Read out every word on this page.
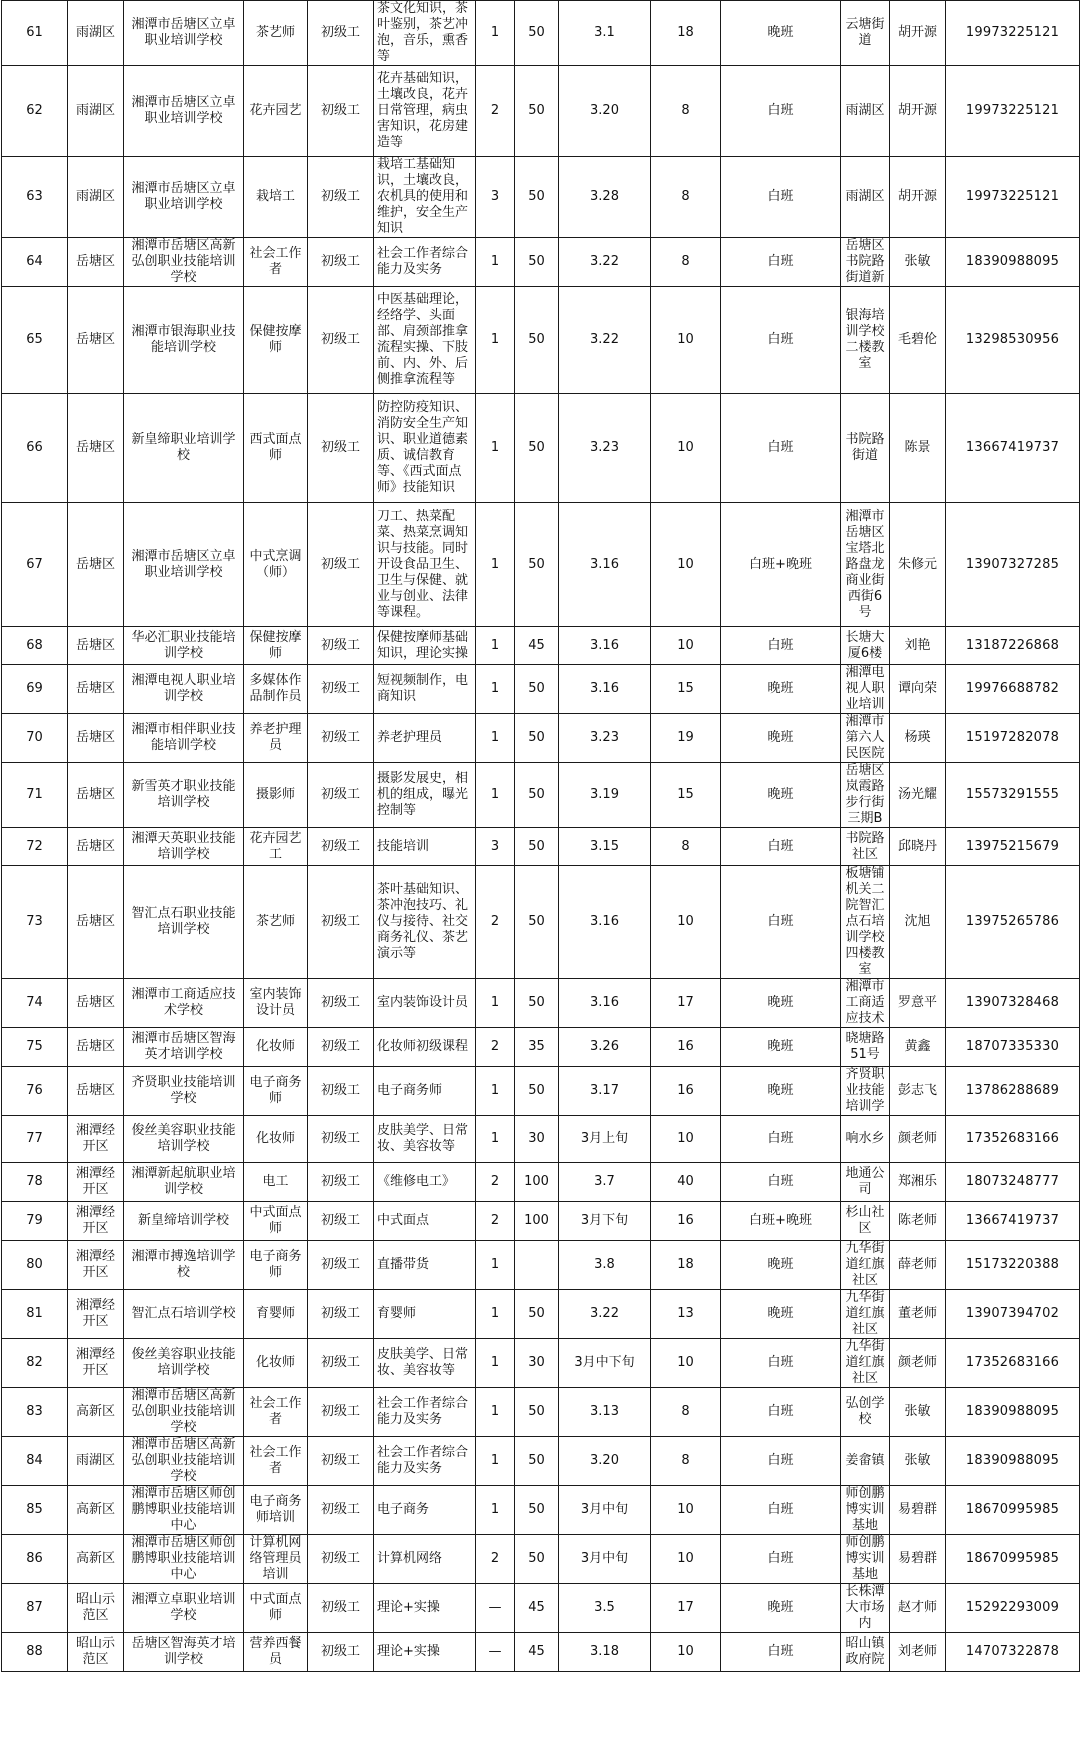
61	雨湖区	湘潭市岳塘区立卓职业培训学校	茶艺师	初级工	茶文化知识，茶叶鉴别，茶艺冲泡，音乐，熏香等	1	50	3.1	18	晚班	云塘街道	胡开源	19973225121
62	雨湖区	湘潭市岳塘区立卓职业培训学校	花卉园艺	初级工	花卉基础知识，土壤改良，花卉日常管理，病虫害知识，花房建造等	2	50	3.20	8	白班	雨湖区	胡开源	19973225121
63	雨湖区	湘潭市岳塘区立卓职业培训学校	栽培工	初级工	栽培工基础知识，土壤改良，农机具的使用和维护，安全生产知识	3	50	3.28	8	白班	雨湖区	胡开源	19973225121
64	岳塘区	湘潭市岳塘区高新弘创职业技能培训学校	社会工作者	初级工	社会工作者综合能力及实务	1	50	3.22	8	白班	岳塘区书院路街道新	张敏	18390988095
65	岳塘区	湘潭市银海职业技能培训学校	保健按摩师	初级工	中医基础理论，经络学、头面部、肩颈部推拿流程实操、下肢前、内、外、后侧推拿流程等	1	50	3.22	10	白班	银海培训学校二楼教室	毛碧伦	13298530956
66	岳塘区	新皇缔职业培训学校	西式面点师	初级工	防控防疫知识、消防安全生产知识、职业道德素质、诚信教育等、《西式面点师》技能知识	1	50	3.23	10	白班	书院路街道	陈景	13667419737
67	岳塘区	湘潭市岳塘区立卓职业培训学校	中式烹调（师）	初级工	刀工、热菜配菜、热菜烹调知识与技能。同时开设食品卫生、卫生与保健、就业与创业、法律等课程。	1	50	3.16	10	白班+晚班	湘潭市岳塘区宝塔北路盘龙商业街西街6号	朱修元	13907327285
68	岳塘区	华必汇职业技能培训学校	保健按摩师	初级工	保健按摩师基础知识，理论实操	1	45	3.16	10	白班	长塘大厦6楼	刘艳	13187226868
69	岳塘区	湘潭电视人职业培训学校	多媒体作品制作员	初级工	短视频制作，电商知识	1	50	3.16	15	晚班	湘潭电视人职业培训	谭向荣	19976688782
70	岳塘区	湘潭市相伴职业技能培训学校	养老护理员	初级工	养老护理员	1	50	3.23	19	晚班	湘潭市第六人民医院	杨瑛	15197282078
71	岳塘区	新雪英才职业技能培训学校	摄影师	初级工	摄影发展史，相机的组成，曝光控制等	1	50	3.19	15	晚班	岳塘区岚霞路步行街三期B	汤光耀	15573291555
72	岳塘区	湘潭天英职业技能培训学校	花卉园艺工	初级工	技能培训	3	50	3.15	8	白班	书院路社区	邱晓丹	13975215679
73	岳塘区	智汇点石职业技能培训学校	茶艺师	初级工	茶叶基础知识、茶冲泡技巧、礼仪与接待、社交商务礼仪、茶艺演示等	2	50	3.16	10	白班	板塘铺机关二院智汇点石培训学校四楼教室	沈旭	13975265786
74	岳塘区	湘潭市工商适应技术学校	室内装饰设计员	初级工	室内装饰设计员	1	50	3.16	17	晚班	湘潭市工商适应技术	罗意平	13907328468
75	岳塘区	湘潭市岳塘区智海英才培训学校	化妆师	初级工	化妆师初级课程	2	35	3.26	16	晚班	晓塘路51号	黄鑫	18707335330
76	岳塘区	齐贤职业技能培训学校	电子商务师	初级工	电子商务师	1	50	3.17	16	晚班	齐贤职业技能培训学	彭志飞	13786288689
77	湘潭经开区	俊丝美容职业技能培训学校	化妆师	初级工	皮肤美学、日常妆、美容妆等	1	30	3月上旬	10	白班	响水乡	颜老师	17352683166
78	湘潭经开区	湘潭新起航职业培训学校	电工	初级工	《维修电工》	2	100	3.7	40	白班	地通公司	郑湘乐	18073248777
79	湘潭经开区	新皇缔培训学校	中式面点师	初级工	中式面点	2	100	3月下旬	16	白班+晚班	杉山社区	陈老师	13667419737
80	湘潭经开区	湘潭市搏逸培训学校	电子商务师	初级工	直播带货	1		3.8	18	晚班	九华街道红旗社区	薛老师	15173220388
81	湘潭经开区	智汇点石培训学校	育婴师	初级工	育婴师	1	50	3.22	13	晚班	九华街道红旗社区	董老师	13907394702
82	湘潭经开区	俊丝美容职业技能培训学校	化妆师	初级工	皮肤美学、日常妆、美容妆等	1	30	3月中下旬	10	白班	九华街道红旗社区	颜老师	17352683166
83	高新区	湘潭市岳塘区高新弘创职业技能培训学校	社会工作者	初级工	社会工作者综合能力及实务	1	50	3.13	8	白班	弘创学校	张敏	18390988095
84	雨湖区	湘潭市岳塘区高新弘创职业技能培训学校	社会工作者	初级工	社会工作者综合能力及实务	1	50	3.20	8	白班	姜畲镇	张敏	18390988095
85	高新区	湘潭市岳塘区师创鹏博职业技能培训中心	电子商务师培训	初级工	电子商务	1	50	3月中旬	10	白班	师创鹏博实训基地	易碧群	18670995985
86	高新区	湘潭市岳塘区师创鹏博职业技能培训中心	计算机网络管理员培训	初级工	计算机网络	2	50	3月中旬	10	白班	师创鹏博实训基地	易碧群	18670995985
87	昭山示范区	湘潭立卓职业培训学校	中式面点师	初级工	理论+实操	—	45	3.5	17	晚班	长株潭大市场内	赵才师	15292293009
88	昭山示范区	岳塘区智海英才培训学校	营养西餐员	初级工	理论+实操	—	45	3.18	10	白班	昭山镇政府院	刘老师	14707322878
